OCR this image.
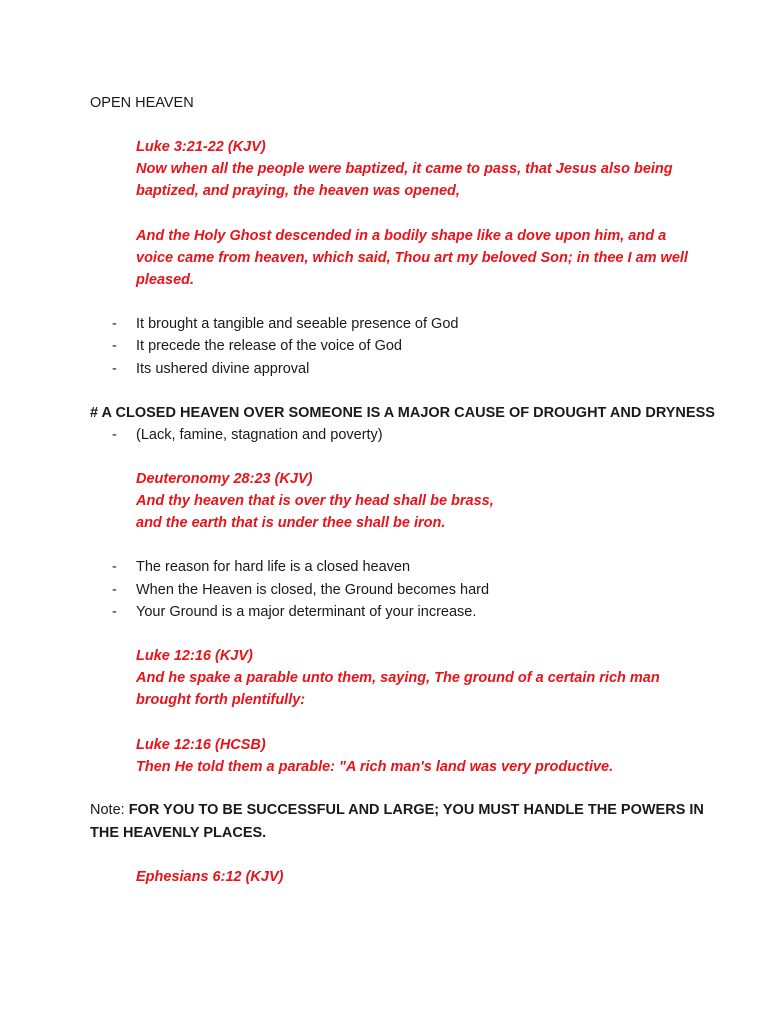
OPEN HEAVEN
Luke 3:21-22 (KJV)
Now when all the people were baptized, it came to pass, that Jesus also being
baptized, and praying, the heaven was opened,
And the Holy Ghost descended in a bodily shape like a dove upon him, and a
voice came from heaven, which said, Thou art my beloved Son; in thee I am well
pleased.
- It brought a tangible and seeable presence of God
- It precede the release of the voice of God
- Its ushered divine approval
# A CLOSED HEAVEN OVER SOMEONE IS A MAJOR CAUSE OF DROUGHT AND DRYNESS
- (Lack, famine, stagnation and poverty)
Deuteronomy 28:23 (KJV)
And thy heaven that is over thy head shall be brass,
and the earth that is under thee shall be iron.
- The reason for hard life is a closed heaven
- When the Heaven is closed, the Ground becomes hard
- Your Ground is a major determinant of your increase.
Luke 12:16 (KJV)
And he spake a parable unto them, saying, The ground of a certain rich man
brought forth plentifully:
Luke 12:16 (HCSB)
Then He told them a parable: "A rich man's land was very productive.
Note: FOR YOU TO BE SUCCESSFUL AND LARGE; YOU MUST HANDLE THE POWERS IN
THE HEAVENLY PLACES.
Ephesians 6:12 (KJV)
